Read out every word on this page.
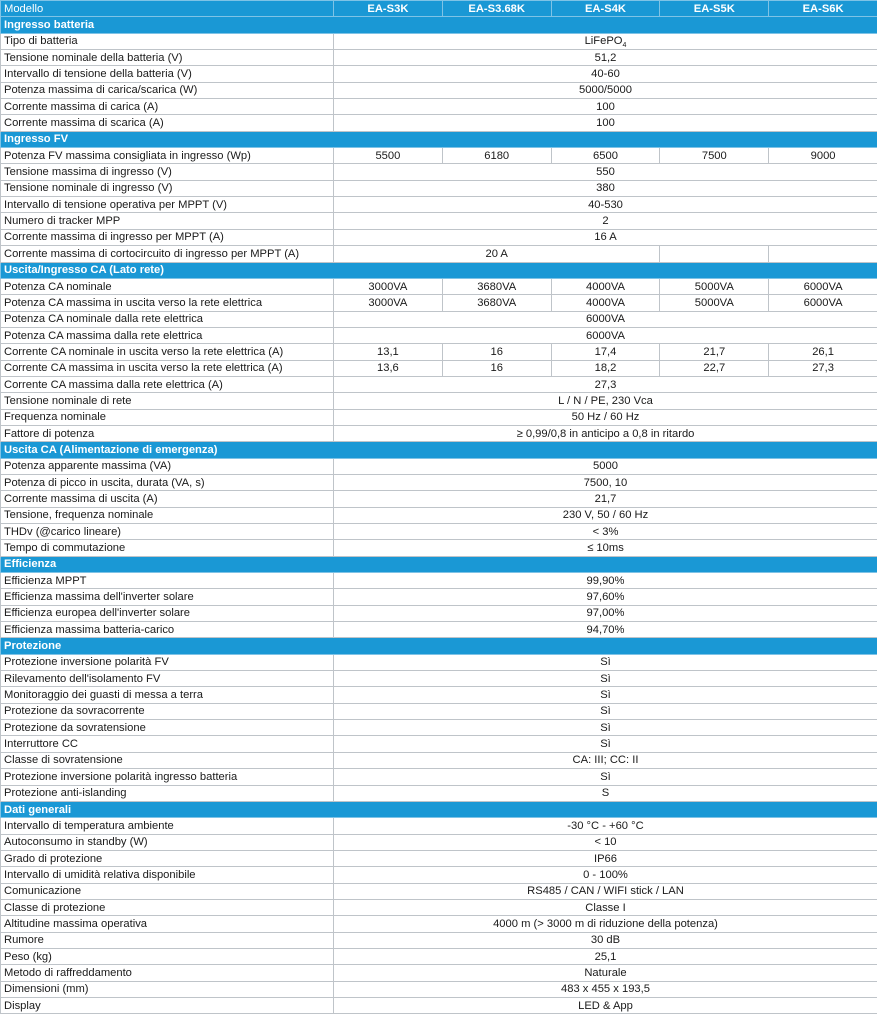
Modello	EA-S3K	EA-S3.68K	EA-S4K	EA-S5K	EA-S6K
Ingresso batteria					
Tipo di batteria	LiFePO$_4$
Tensione nominale della batteria (V)	51,2				
Intervallo di tensione della batteria (V)	40-60				
Potenza massima di carica/scarica (W)	5000/5000				
Corrente massima di carica (A)	100				
Corrente massima di scarica (A)	100				
Ingresso FV					
Potenza FV massima consigliata in ingresso (Wp)	5500	6180	6500	7500	9000
Tensione massima di ingresso (V)	550				
Tensione nominale di ingresso (V)	380				
Intervallo di tensione operativa per MPPT (V)	40-530				
Numero di tracker MPP	2				
Corrente massima di ingresso per MPPT (A)	16 A				
Corrente massima di cortocircuito di ingresso per MPPT (A)	20 A				
Uscita/Ingresso CA (Lato rete)					
Potenza CA nominale	3000VA	3680VA	4000VA	5000VA	6000VA
Potenza CA massima in uscita verso la rete elettrica	3000VA	3680VA	4000VA	5000VA	6000VA
Potenza CA nominale dalla rete elettrica	6000VA				
Potenza CA massima dalla rete elettrica	6000VA				
Corrente CA nominale in uscita verso la rete elettrica (A)	13,1	16	17,4	21,7	26,1
Corrente CA massima in uscita verso la rete elettrica (A)	13,6	16	18,2	22,7	27,3
Corrente CA massima dalla rete elettrica (A)	27,3				
Tensione nominale di rete	L / N / PE, 230 Vca				
Frequenza nominale	50 Hz / 60 Hz				
Fattore di potenza	≥ 0,99/0,8 in anticipo a 0,8 in ritardo				
Uscita CA (Alimentazione di emergenza)					
Potenza apparente massima (VA)	5000				
Potenza di picco in uscita, durata (VA, s)	7500, 10				
Corrente massima di uscita (A)	21,7				
Tensione, frequenza nominale	230 V, 50 / 60 Hz				
THDv (@carico lineare)	< 3%				
Tempo di commutazione	≤ 10ms				
Efficienza					
Efficienza MPPT	99,90%				
Efficienza massima dell'inverter solare	97,60%				
Efficienza europea dell'inverter solare	97,00%				
Efficienza massima batteria-carico	94,70%				
Protezione					
Protezione inversione polarità FV	Sì				
Rilevamento dell'isolamento FV	Sì				
Monitoraggio dei guasti di messa a terra	Sì				
Protezione da sovracorrente	Sì				
Protezione da sovratensione	Sì				
Interruttore CC	Sì				
Classe di sovratensione	CA: III; CC: II				
Protezione inversione polarità ingresso batteria	Sì				
Protezione anti-islanding	S				
Dati generali					
Intervallo di temperatura ambiente	-30 °C - +60 °C				
Autoconsumo in standby (W)	< 10				
Grado di protezione	IP66				
Intervallo di umidità relativa disponibile	0 - 100%				
Comunicazione	RS485 / CAN / WIFI stick / LAN				
Classe di protezione	Classe I				
Altitudine massima operativa	4000 m (> 3000 m di riduzione della potenza)				
Rumore	30 dB				
Peso (kg)	25,1				
Metodo di raffreddamento	Naturale				
Dimensioni (mm)	483 x 455 x 193,5				
Display	LED & App				
